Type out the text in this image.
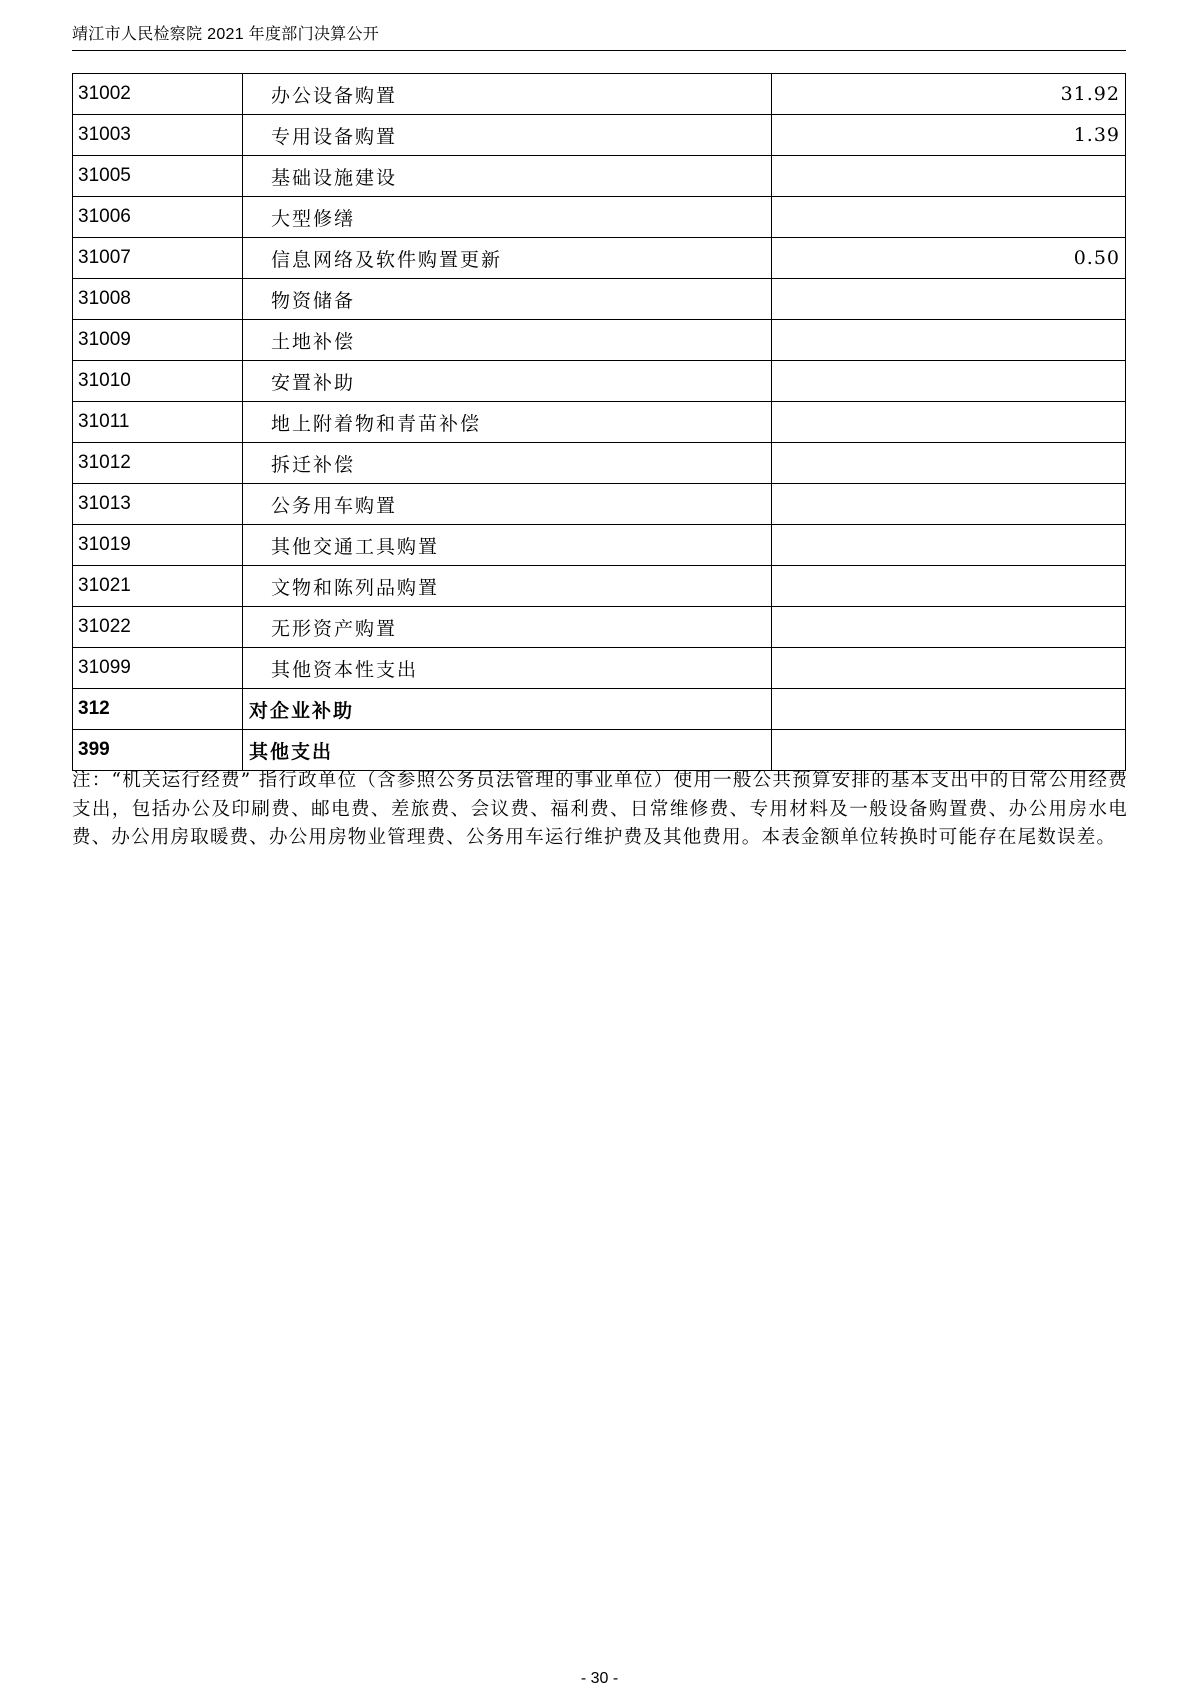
靖江市人民检察院 2021 年度部门决算公开
31002	办公设备购置	31.92
31003	专用设备购置	1.39
31005	基础设施建设	
31006	大型修缮	
31007	信息网络及软件购置更新	0.50
31008	物资储备	
31009	土地补偿	
31010	安置补助	
31011	地上附着物和青苗补偿	
31012	拆迁补偿	
31013	公务用车购置	
31019	其他交通工具购置	
31021	文物和陈列品购置	
31022	无形资产购置	
31099	其他资本性支出	
312	对企业补助	
399	其他支出	
注：“机关运行经费” 指行政单位（含参照公务员法管理的事业单位）使用一般公共预算安排的基本支出中的日常公用经费支出，包括办公及印刷费、邮电费、差旅费、会议费、福利费、日常维修费、专用材料及一般设备购置费、办公用房水电费、办公用房取暖费、办公用房物业管理费、公务用车运行维护费及其他费用。本表金额单位转换时可能存在尾数误差。
- 30 -
